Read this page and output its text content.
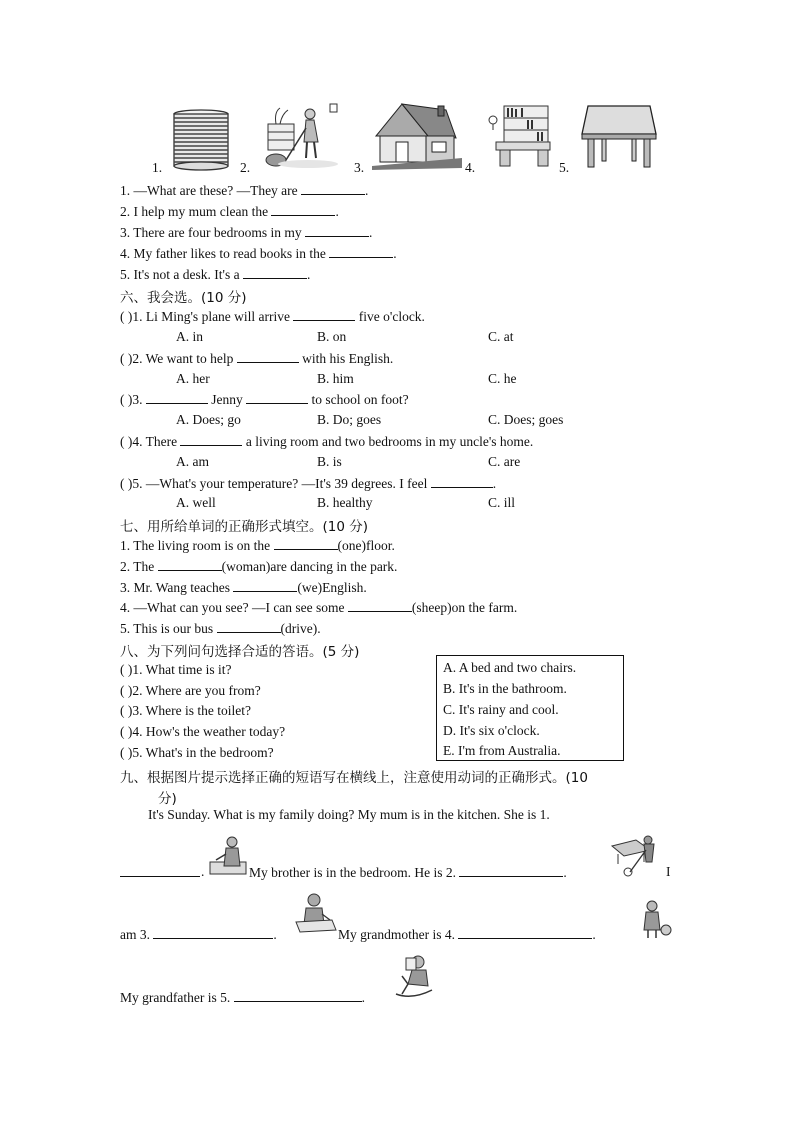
1.	2.	3.	4.	5.
1. —What are these? —They are	.
2. I help my mum clean the	.
3. There are four bedrooms in my	.
4. My father likes to read books in the	.
5. It's not a desk. It's a	.
六、我会选。(10 分)
( )1. Li Ming's plane will arrive	five o'clock.
A. in	B. on	C. at
( )2. We want to help	with his English.
A. her	B. him	C. he
( )3.	Jenny	to school on foot?
A. Does; go	B. Do; goes	C. Does; goes
( )4. There	a living room and two bedrooms in my uncle's home.
A. am	B. is	C. are
( )5. —What's your temperature? —It's 39 degrees. I feel	.
A. well	B. healthy	C. ill
七、用所给单词的正确形式填空。(10 分)
1. The living room is on the	(one)floor.
2. The	(woman)are dancing in the park.
3. Mr. Wang teaches	(we)English.
4. —What can you see? —I can see some	(sheep)on the farm.
5. This is our bus	(drive).
八、为下列问句选择合适的答语。(5 分)
( )1. What time is it?
( )2. Where are you from?
( )3. Where is the toilet?
( )4. How's the weather today?
( )5. What's in the bedroom?
A. A bed and two chairs.
B. It's in the bathroom.
C. It's rainy and cool.
D. It's six o'clock.
E. I'm from Australia.
九、根据图片提示选择正确的短语写在横线上，注意使用动词的正确形式。(10
分)
It's Sunday. What is my family doing? My mum is in the kitchen. She is 1.
.	My brother is in the bedroom. He is 2.	.	I
am 3.	.	My grandmother is 4.	.
My grandfather is 5.	.
